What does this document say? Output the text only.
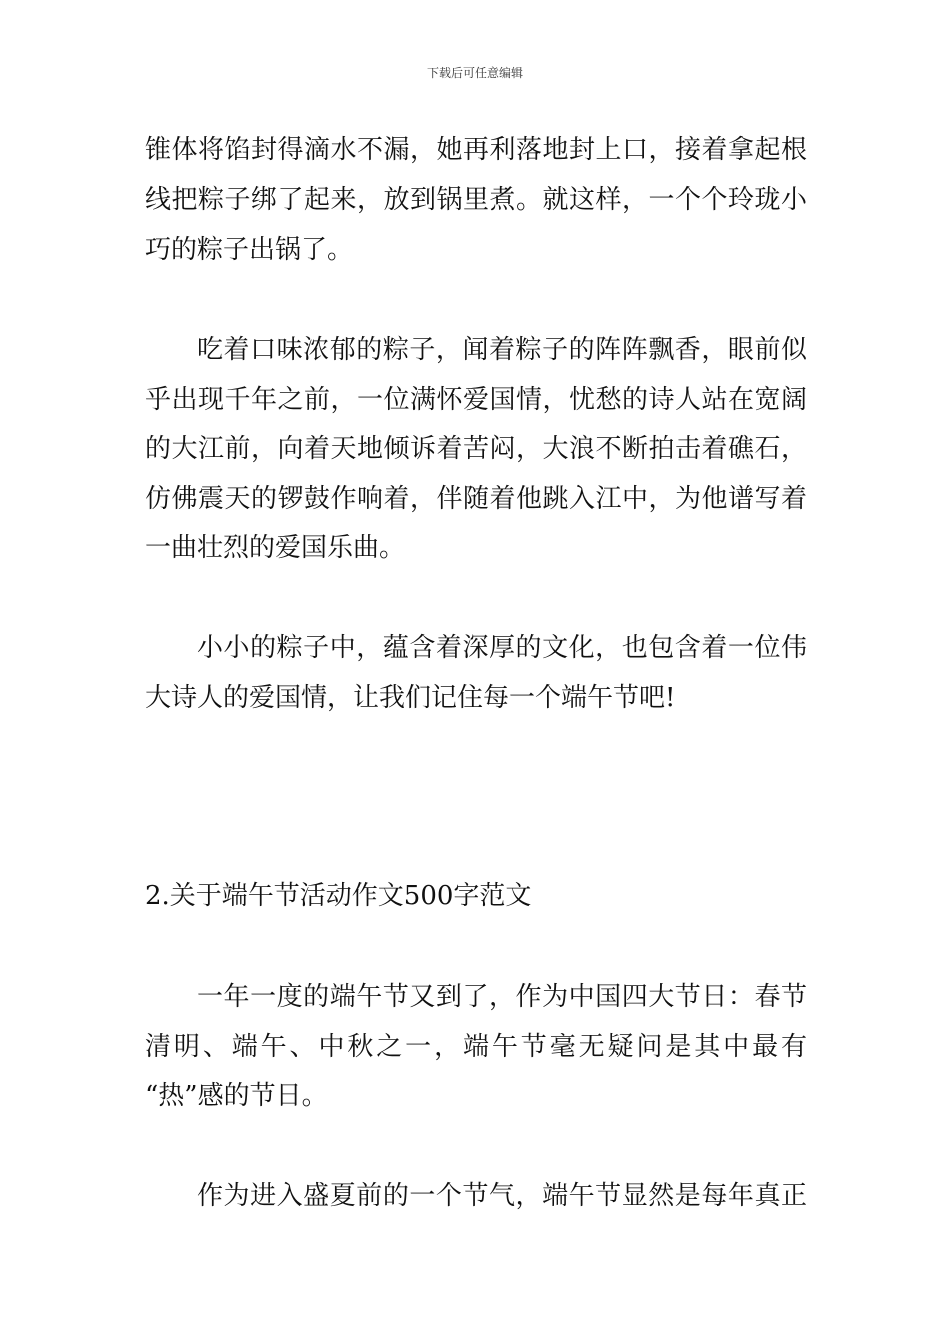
下载后可任意编辑
锥体将馅封得滴水不漏，她再利落地封上口，接着拿起根
线把粽子绑了起来，放到锅里煮。就这样，一个个玲珑小
巧的粽子出锅了。
吃着口味浓郁的粽子，闻着粽子的阵阵飘香，眼前似
乎出现千年之前，一位满怀爱国情，忧愁的诗人站在宽阔
的大江前，向着天地倾诉着苦闷，大浪不断拍击着礁石，
仿佛震天的锣鼓作响着，伴随着他跳入江中，为他谱写着
一曲壮烈的爱国乐曲。
小小的粽子中，蕴含着深厚的文化，也包含着一位伟
大诗人的爱国情，让我们记住每一个端午节吧!
2.关于端午节活动作文500字范文
一年一度的端午节又到了，作为中国四大节日：春节
清明、端午、中秋之一，端午节毫无疑问是其中最有
“热”感的节日。
作为进入盛夏前的一个节气，端午节显然是每年真正
